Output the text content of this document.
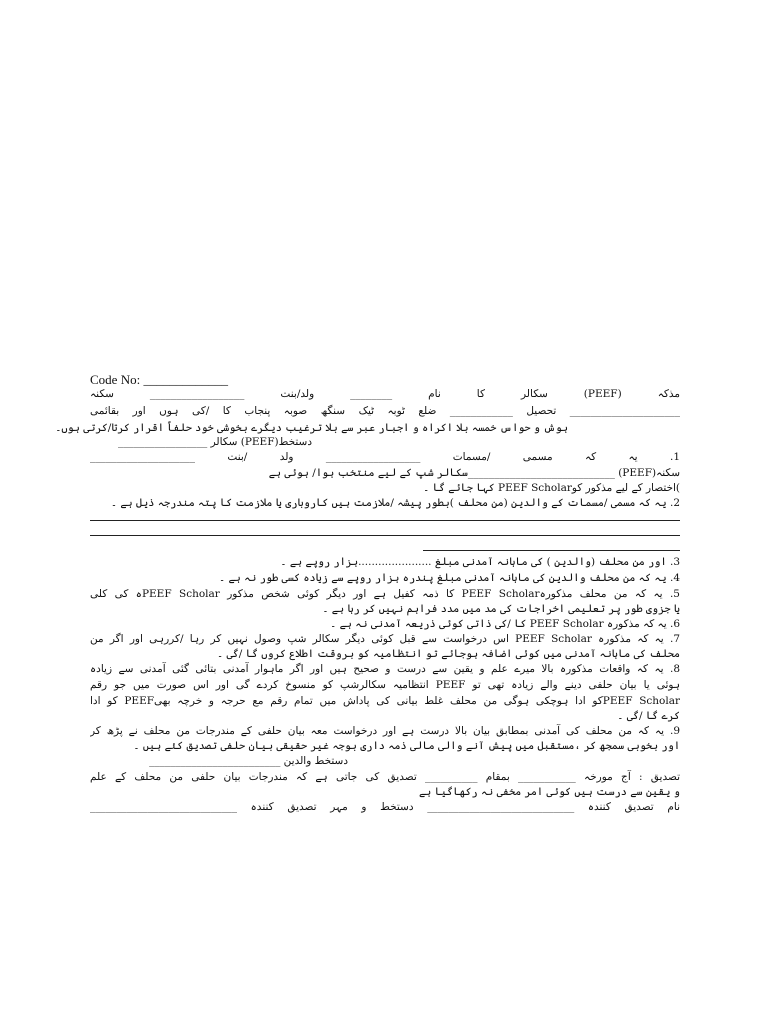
Code No: _____________
مذکہ (PEEF) سکالر کا نام ________ ولد/بنت __________________ سکنہ
_____________________ تحصیل ____________ ضلع ٹوبہ ٹیک سنگھ صوبہ پنجاب کا /کی ہوں اور بقائمی
ہوش و حواس خمسہ بلا اکراہ و اجبار عبر سے بلا ترغیب دیگرے بخوشی خود حلفاً اقرار کرتا/کرتی ہوں۔
دستخط(PEEF) سکالر _________________
1. یہ کہ مسمی /مسمات __________________ ولد /بنت ____________________
سکنہ(PEEF) ____________________________سکالر شپ کے لیے منتخب ہوا/ ہوئی ہے
)اختصار کے لیے مذکور کوPEEF Scholar کہا جائے گا ۔
2. یہ کہ مسمی /مسمات کے والدین (من محلف )بطور پیشہ /ملازمت ہیں کاروباری یا ملازمت کا پتہ مندرجہ ذیل ہے ۔
3. اور من محلف (والدین ) کی ماہانہ آمدنی مبلغ ......................ہزار روپے ہے ۔
4. یہ کہ من محلف والدین کی ماہانہ آمدنی مبلغ پندرہ ہزار روپے سے زیادہ کسی طور نہ ہے ۔
5. یہ کہ من محلف مذکورہPEEF Scholar کا ذمہ کفیل ہے اور دیگر کوئی شخص مذکور PEEF Scholarہ کی کلی
یا جزوی طور پر تعلیمی اخراجات کی مد میں مدد فراہم نہیں کر رہا ہے ۔
6. یہ کہ مذکورہ PEEF Scholar کا /کی ذاتی کوئی ذریعہ آمدنی نہ ہے ۔
7. یہ کہ مذکورہ PEEF Scholar اس درخواست سے قبل کوئی دیگر سکالر شپ وصول نہیں کر رہا /کررہی اور اگر من
محلف کی ماہانہ آمدنی میں کوئی اضافہ ہوجائے تو انتظامیہ کو بروقت اطلاع کروں گا /گی ۔
8. یہ کہ واقعات مذکورہ بالا میرے علم و یقین سے درست و صحیح ہیں اور اگر ماہوار آمدنی بتائی گئی آمدنی سے زیادہ
ہوئی یا بیان حلفی دینے والے زیادہ تھی تو PEEF انتظامیہ سکالرشپ کو منسوخ کردے گی اور اس صورت میں جو رقم
PEEF Scholarکو ادا ہوچکی ہوگی من محلف غلط بیانی کی پاداش میں تمام رقم مع حرجہ و خرچہ بھیPEEF کو ادا
کرے گا /گی ۔
9. یہ کہ من محلف کی آمدنی بمطابق بیان بالا درست ہے اور درخواست معہ بیان حلفی کے مندرجات من محلف نے پڑھ کر
اور بخوبی سمجھ کر ،مستقبل میں پیش آنے والی مالی ذمہ داری بوجہ غیر حقیقی بیان حلفی تصدیق کئے ہیں ۔
دستخط والدین _________________________
تصدیق : آج مورخہ ___________ بمقام __________ تصدیق کی جاتی ہے کہ مندرجات بیان حلفی من محلف کے علم
و یقین سے درست ہیں کوئی امر مخفی نہ رکھاگیا ہے
نام تصدیق کنندہ ____________________________ دستخط و مہر تصدیق کنندہ ____________________________
